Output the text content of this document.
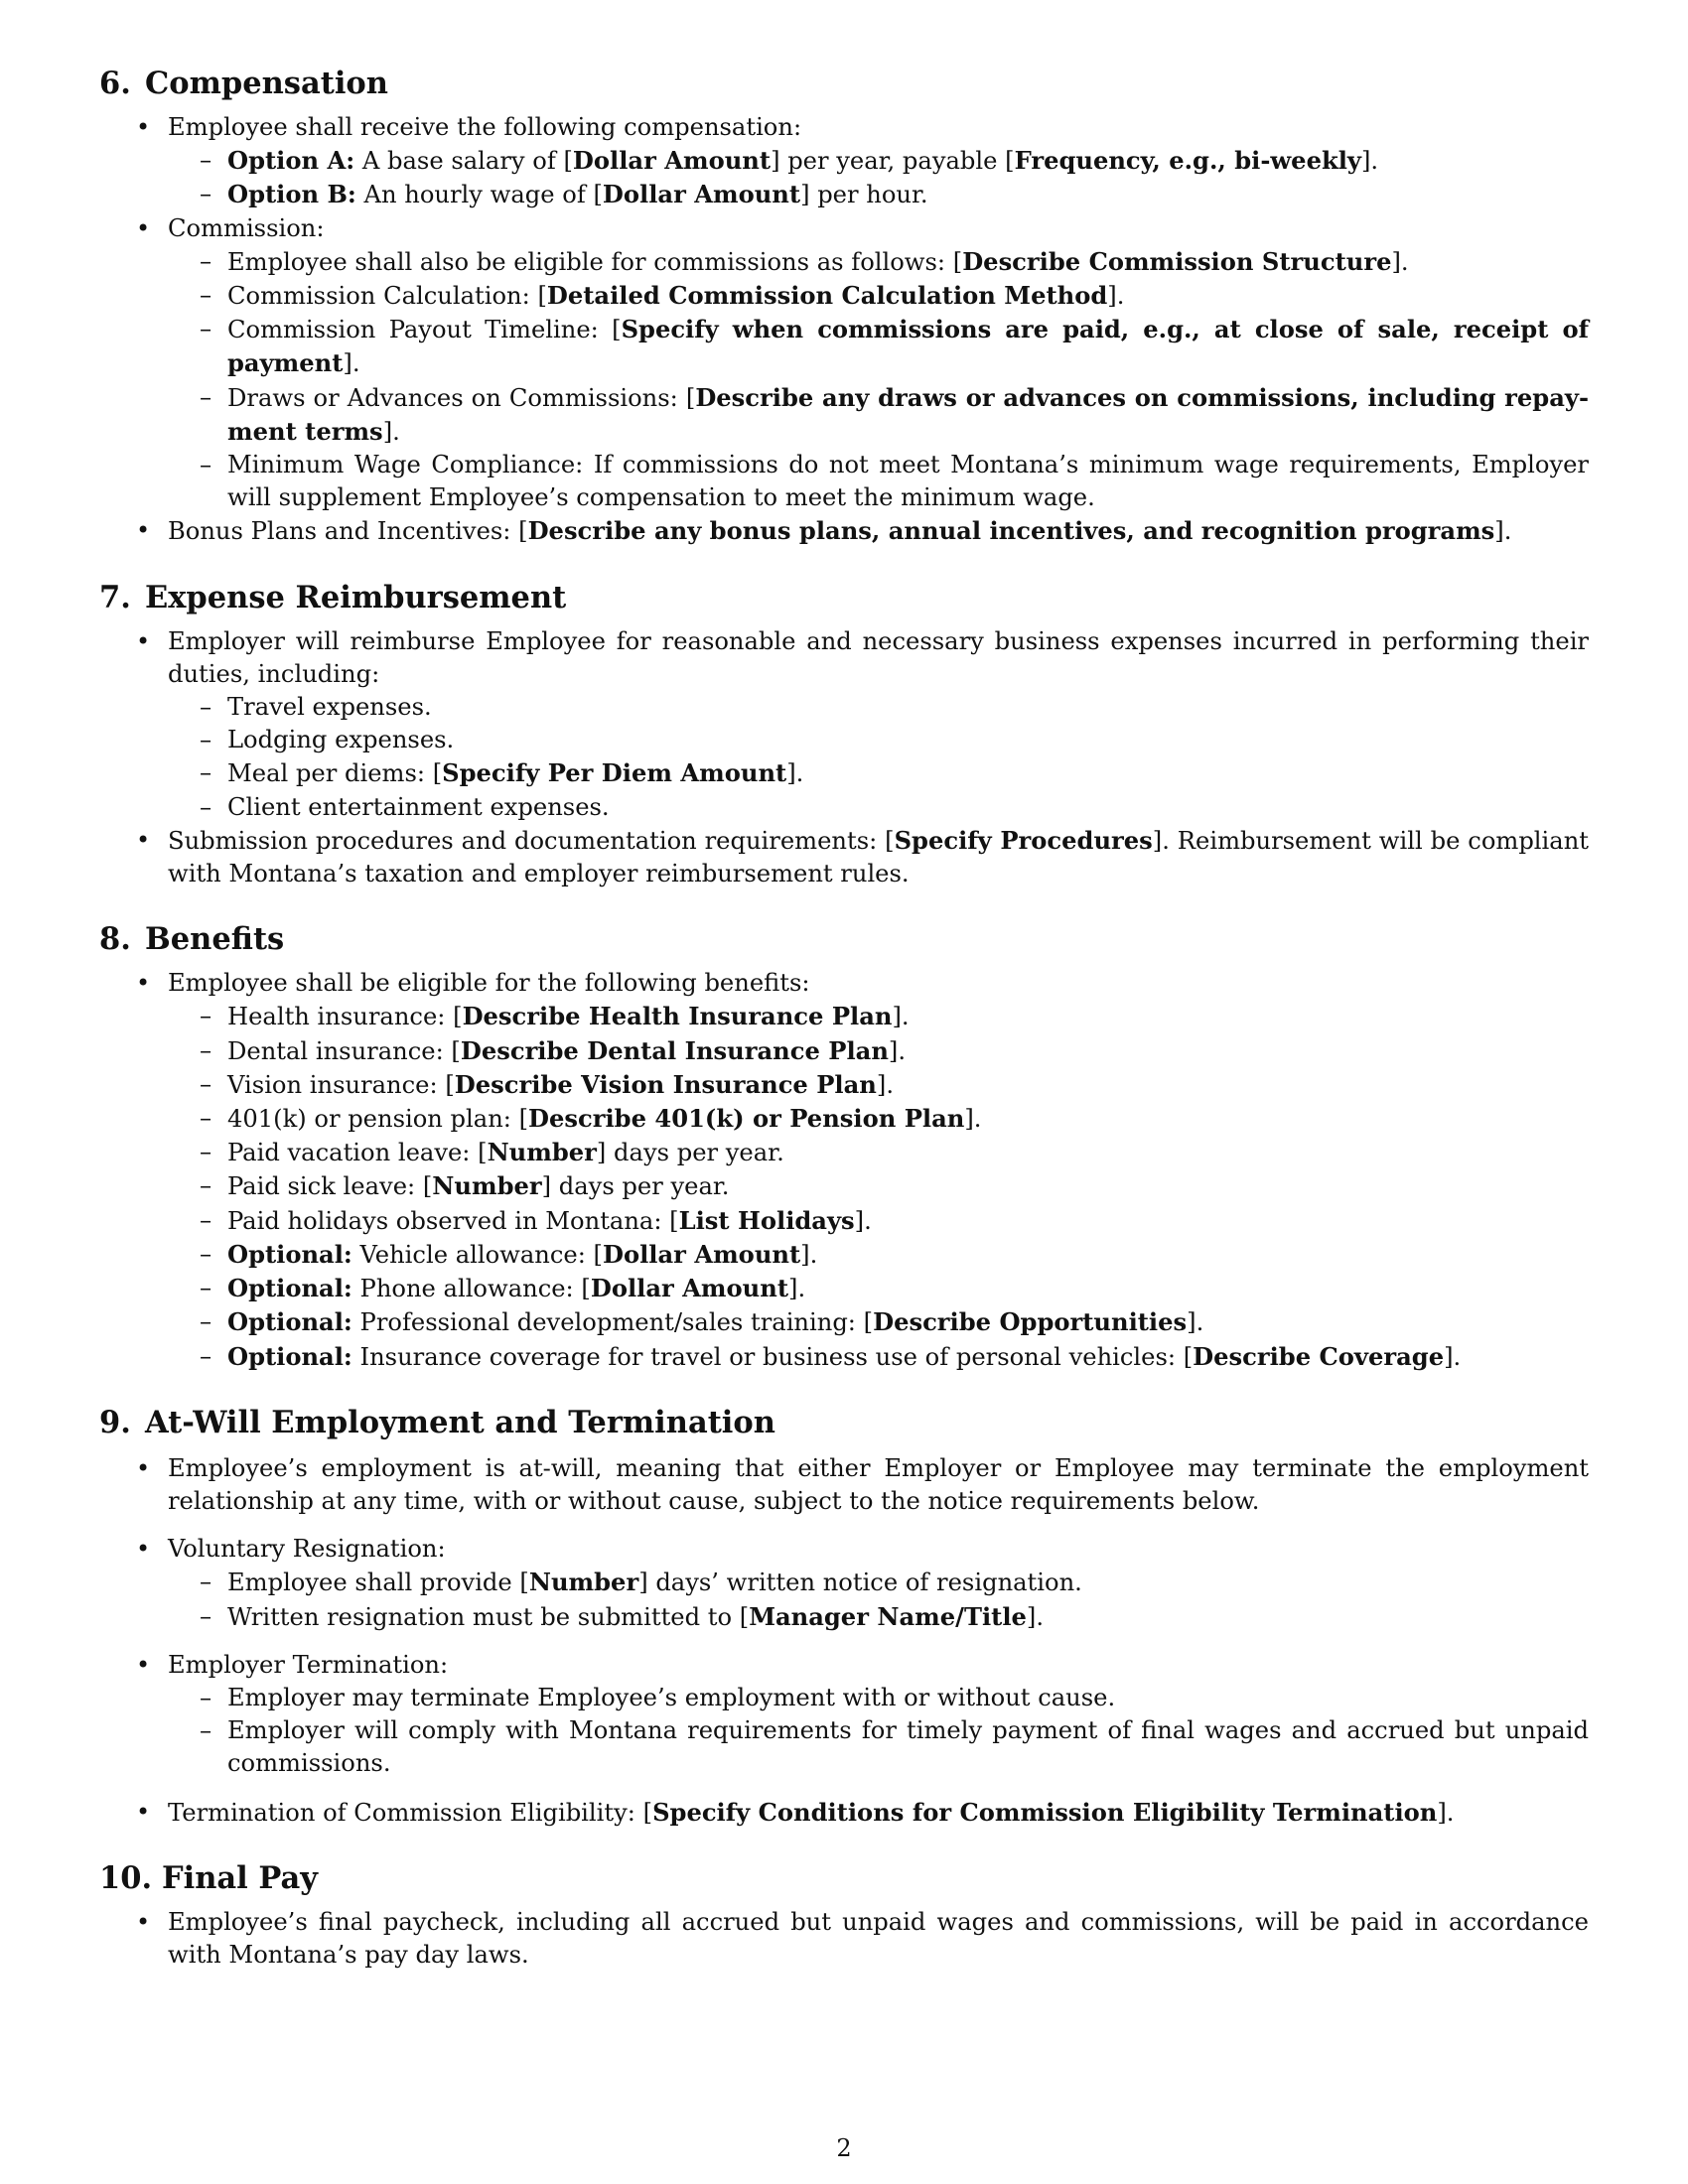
6. Compensation
• Employee shall receive the following compensation:
– Option A: A base salary of [Dollar Amount] per year, payable [Frequency, e.g., bi-weekly].
– Option B: An hourly wage of [Dollar Amount] per hour.
• Commission:
– Employee shall also be eligible for commissions as follows: [Describe Commission Structure].
– Commission Calculation: [Detailed Commission Calculation Method].
– Commission Payout Timeline: [Specify when commissions are paid, e.g., at close of sale, receipt of payment].
– Draws or Advances on Commissions: [Describe any draws or advances on commissions, including repayment terms].
– Minimum Wage Compliance: If commissions do not meet Montana’s minimum wage requirements, Employer will supplement Employee’s compensation to meet the minimum wage.
• Bonus Plans and Incentives: [Describe any bonus plans, annual incentives, and recognition programs].
7. Expense Reimbursement
• Employer will reimburse Employee for reasonable and necessary business expenses incurred in performing their duties, including:
– Travel expenses.
– Lodging expenses.
– Meal per diems: [Specify Per Diem Amount].
– Client entertainment expenses.
• Submission procedures and documentation requirements: [Specify Procedures]. Reimbursement will be compliant with Montana’s taxation and employer reimbursement rules.
8. Benefits
• Employee shall be eligible for the following benefits:
– Health insurance: [Describe Health Insurance Plan].
– Dental insurance: [Describe Dental Insurance Plan].
– Vision insurance: [Describe Vision Insurance Plan].
– 401(k) or pension plan: [Describe 401(k) or Pension Plan].
– Paid vacation leave: [Number] days per year.
– Paid sick leave: [Number] days per year.
– Paid holidays observed in Montana: [List Holidays].
– Optional: Vehicle allowance: [Dollar Amount].
– Optional: Phone allowance: [Dollar Amount].
– Optional: Professional development/sales training: [Describe Opportunities].
– Optional: Insurance coverage for travel or business use of personal vehicles: [Describe Coverage].
9. At-Will Employment and Termination
• Employee’s employment is at-will, meaning that either Employer or Employee may terminate the employment relationship at any time, with or without cause, subject to the notice requirements below.
• Voluntary Resignation:
– Employee shall provide [Number] days’ written notice of resignation.
– Written resignation must be submitted to [Manager Name/Title].
• Employer Termination:
– Employer may terminate Employee’s employment with or without cause.
– Employer will comply with Montana requirements for timely payment of final wages and accrued but unpaid commissions.
• Termination of Commission Eligibility: [Specify Conditions for Commission Eligibility Termination].
10. Final Pay
• Employee’s final paycheck, including all accrued but unpaid wages and commissions, will be paid in accordance with Montana’s pay day laws.
2
